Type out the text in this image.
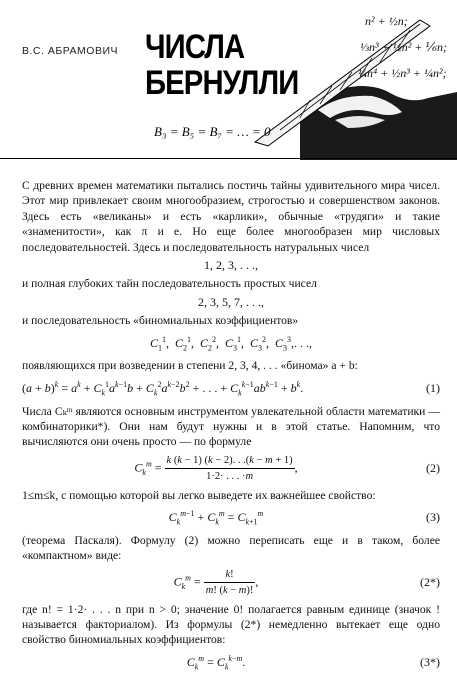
В.С. АБРАМОВИЧ ЧИСЛА
БЕРНУЛЛИ
n² + ½n;
⅓n³ + ½n² + ⅙n;
¼n⁴ + ½n³ + ¼n²;
B₃ = B₅ = B₇ = … = 0

С древних времен математики пытались постичь тайны удивительного мира чисел. Этот мир привлекает своим многообразием, строгостью и совершенством законов. Здесь есть «великаны» и есть «карлики», обычные «трудяги» и такие «знаменитости», как π и e. Но еще более многообразен мир числовых последовательностей. Здесь и последовательность натуральных чисел

1, 2, 3, . . .,

и полная глубоких тайн последовательность простых чисел

2, 3, 5, 7, . . .,

и последовательность «биномиальных коэффициентов»

$C_1^1$,  $C_2^1$,  $C_2^2$,  $C_3^1$,  $C_3^2$,  $C_3^3$,. . .,

появляющихся при возведении в степени 2, 3, 4, . . . «бинома» a + b:

$(a + b)^k = a^k + C_k^1a^{k-1}b + C_k^2a^{k-2}b^2$ + . . . + $C_k^{k-1}ab^{k-1} + b^k$.	(1)

Числа Cₖᵐ являются основным инструментом увлекательной области математики — комбинаторики*). Они нам будут нужны и в этой статье. Напомним, что вычисляются они очень просто — по формуле

$C_k^m = \frac{k (k - 1) (k - 2). . .(k - m + 1)}{1\cdot 2\cdot . . . \cdot m}$ ,	(2)

1≤m≤k, с помощью которой вы легко выведете их важнейшее свойство:

$C_k^{m-1} + C_k^m = C_{k+1}^m$	(3)

(теорема Паскаля). Формулу (2) можно переписать еще и в таком, более «компактном» виде:

$C_k^m = \frac{k!}{m! (k - m)!}$ ,	(2*)

где n! = 1·2· . . . n при n > 0; значение 0! полагается равным единице (значок ! называется факториалом). Из формулы (2*) немедленно вытекает еще одно свойство биномиальных коэффициентов:

$C_k^m = C_k^{k-m}$.	(3*)
